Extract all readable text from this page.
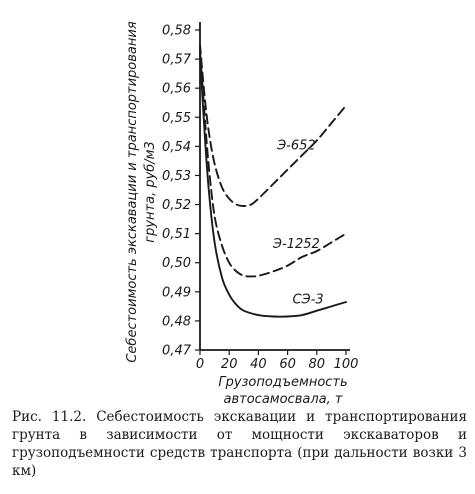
0,47
0,48
0,49
0,50
0,51
0,52
0,53
0,54
0,55
0,56
0,57
0,58
0 20 40 60 80 100
Грузоподъемность
автосамосвала, т
Себестоимость экскавации и транспортирования грунта, руб/м3	Э-652
Э-1252
СЭ-3
Рис. 11.2. Себестоимость экскавации и транспортирования грунта в зависимости от мощности экскаваторов и грузоподъемности средств транспорта (при дальности возки 3 км)
